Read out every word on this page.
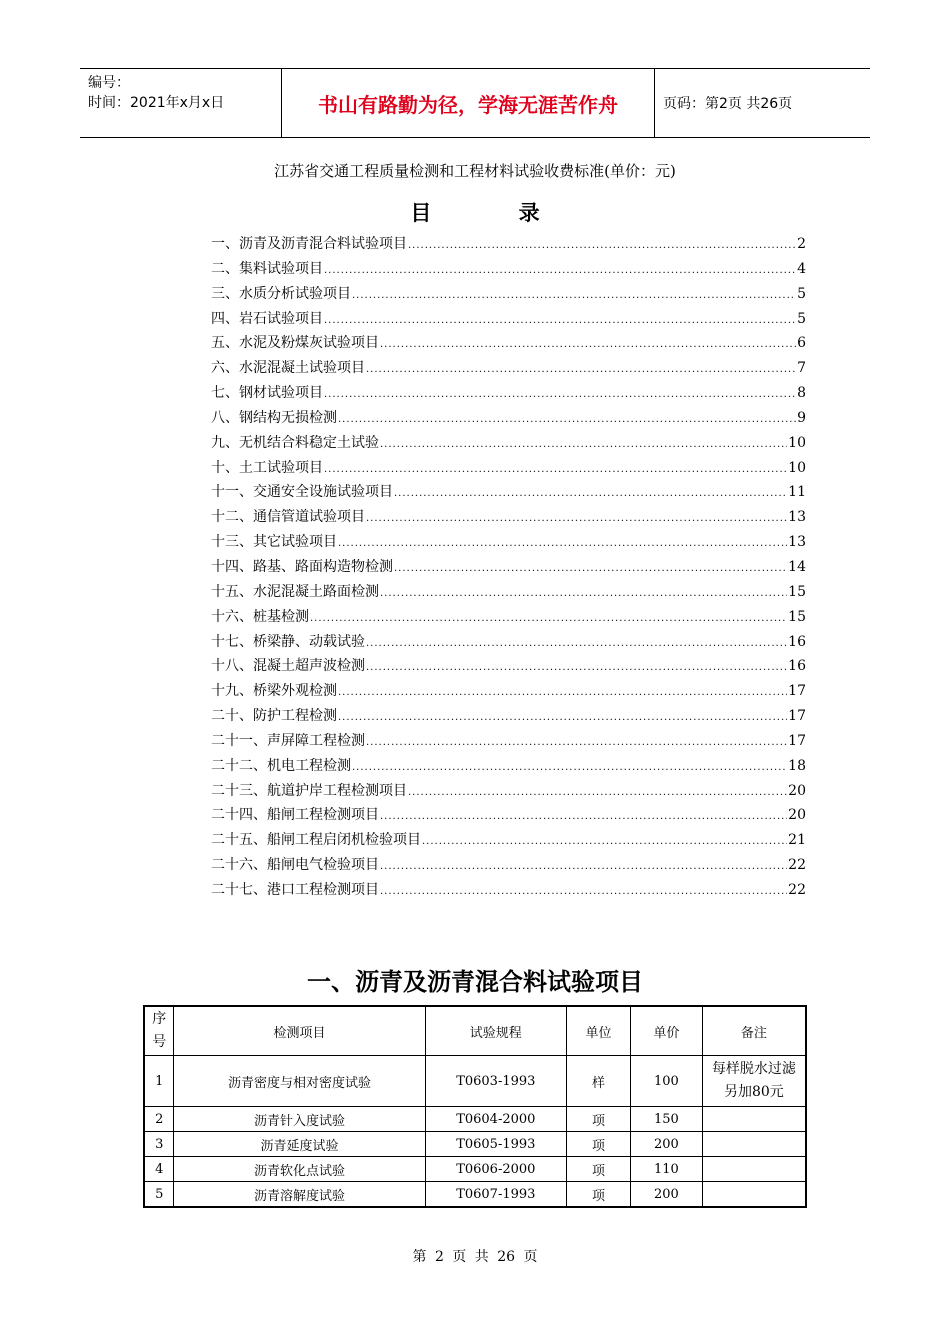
编号：
时间：2021年x月x日	书山有路勤为径，学海无涯苦作舟	页码：第2页 共26页
江苏省交通工程质量检测和工程材料试验收费标准(单价：元)
目 录
一、沥青及沥青混合料试验项目 .....	2
二、集料试验项目 .....	4
三、水质分析试验项目 .....	5
四、岩石试验项目 .....	5
五、水泥及粉煤灰试验项目 .....	6
六、水泥混凝土试验项目 .....	7
七、钢材试验项目 .....	8
八、钢结构无损检测 .....	9
九、无机结合料稳定土试验 .....	10
十、土工试验项目 .....	10
十一、交通安全设施试验项目 .....	11
十二、通信管道试验项目 .....	13
十三、其它试验项目 .....	13
十四、路基、路面构造物检测 .....	14
十五、水泥混凝土路面检测 .....	15
十六、桩基检测 .....	15
十七、桥梁静、动载试验 .....	16
十八、混凝土超声波检测 .....	16
十九、桥梁外观检测 .....	17
二十、防护工程检测 .....	17
二十一、声屏障工程检测 .....	17
二十二、机电工程检测 .....	18
二十三、航道护岸工程检测项目 .....	20
二十四、船闸工程检测项目 .....	20
二十五、船闸工程启闭机检验项目 .....	21
二十六、船闸电气检验项目 .....	22
二十七、港口工程检测项目 .....	22
一、沥青及沥青混合料试验项目
序
号	检测项目	试验规程	单位	单价	备注
1	沥青密度与相对密度试验	T0603-1993	样	100	每样脱水过滤
另加80元

2	沥青针入度试验	T0604-2000	项	150	
3	沥青延度试验	T0605-1993	项	200	
4	沥青软化点试验	T0606-2000	项	110	
5	沥青溶解度试验	T0607-1993	项	200	
第 2 页 共 26 页
